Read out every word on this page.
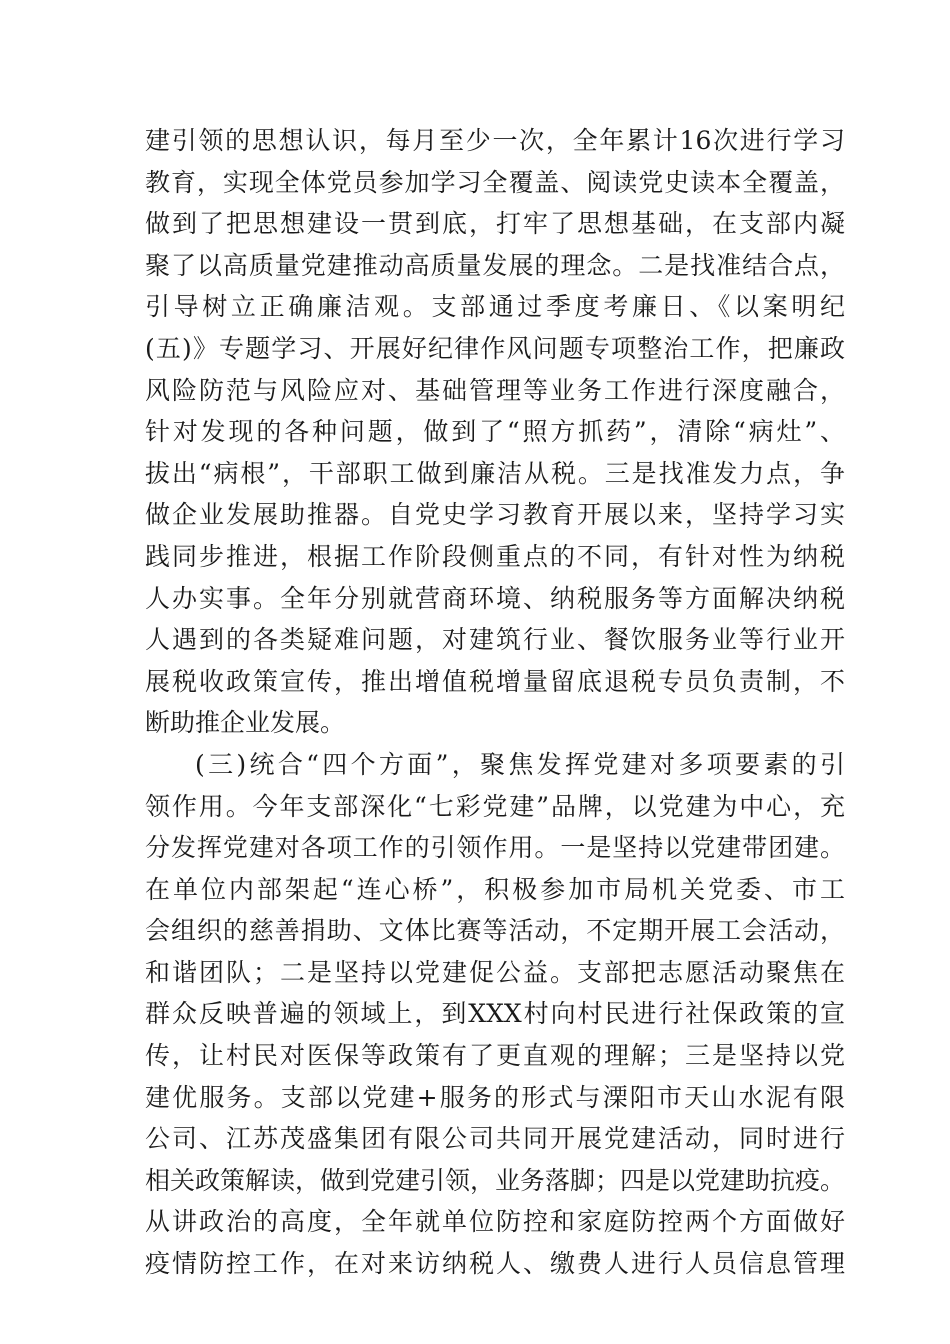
建引领的思想认识，每月至少一次，全年累计16次进行学习
教育，实现全体党员参加学习全覆盖、阅读党史读本全覆盖，
做到了把思想建设一贯到底，打牢了思想基础，在支部内凝
聚了以高质量党建推动高质量发展的理念。二是找准结合点，
引导树立正确廉洁观。支部通过季度考廉日、《以案明纪
(五)》专题学习、开展好纪律作风问题专项整治工作，把廉政
风险防范与风险应对、基础管理等业务工作进行深度融合，
针对发现的各种问题，做到了“照方抓药”，清除“病灶”、
拔出“病根”，干部职工做到廉洁从税。三是找准发力点，争
做企业发展助推器。自党史学习教育开展以来，坚持学习实
践同步推进，根据工作阶段侧重点的不同，有针对性为纳税
人办实事。全年分别就营商环境、纳税服务等方面解决纳税
人遇到的各类疑难问题，对建筑行业、餐饮服务业等行业开
展税收政策宣传，推出增值税增量留底退税专员负责制，不
断助推企业发展。
(三)统合“四个方面”，聚焦发挥党建对多项要素的引
领作用。今年支部深化“七彩党建”品牌，以党建为中心，充
分发挥党建对各项工作的引领作用。一是坚持以党建带团建。
在单位内部架起“连心桥”，积极参加市局机关党委、市工
会组织的慈善捐助、文体比赛等活动，不定期开展工会活动，
和谐团队；二是坚持以党建促公益。支部把志愿活动聚焦在
群众反映普遍的领域上，到XXX村向村民进行社保政策的宣
传，让村民对医保等政策有了更直观的理解；三是坚持以党
建优服务。支部以党建+服务的形式与溧阳市天山水泥有限
公司、江苏茂盛集团有限公司共同开展党建活动，同时进行
相关政策解读，做到党建引领，业务落脚；四是以党建助抗疫。
从讲政治的高度，全年就单位防控和家庭防控两个方面做好
疫情防控工作，在对来访纳税人、缴费人进行人员信息管理
